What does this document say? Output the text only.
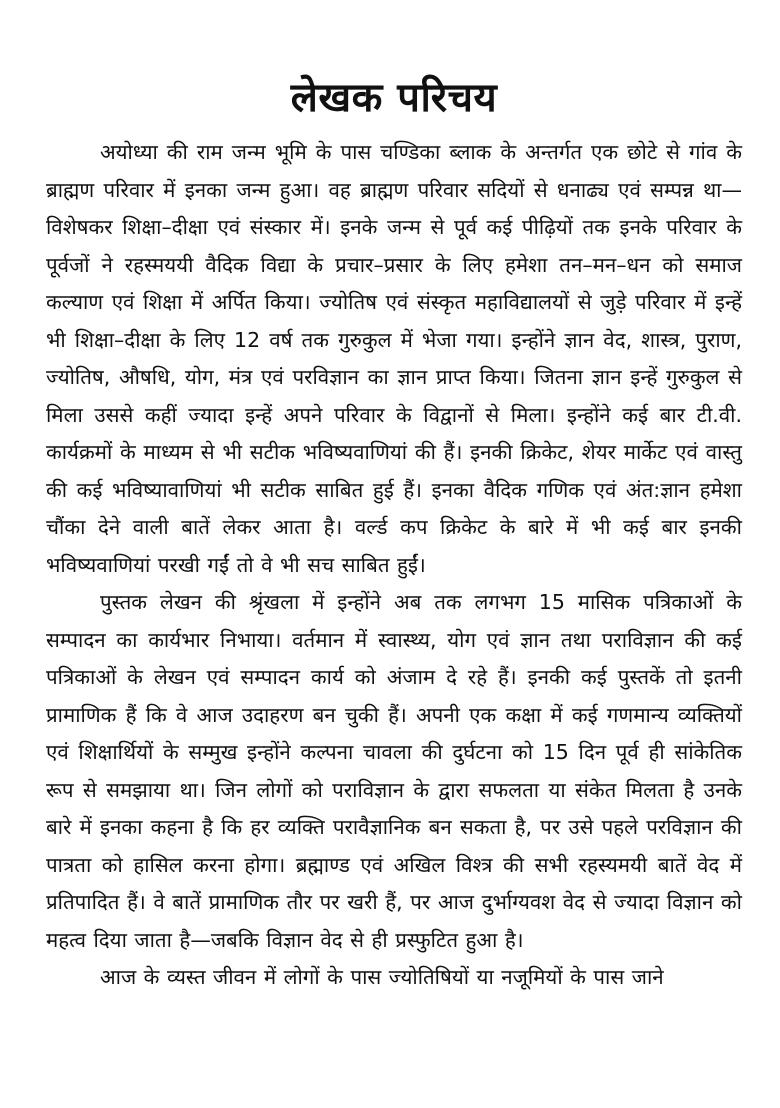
लेखक परिचय

अयोध्या की राम जन्म भूमि के पास चण्डिका ब्लाक के अन्तर्गत एक छोटे से गांव के ब्राह्मण परिवार में इनका जन्म हुआ। वह ब्राह्मण परिवार सदियों से धनाढ्य एवं सम्पन्न था—विशेषकर शिक्षा–दीक्षा एवं संस्कार में। इनके जन्म से पूर्व कई पीढ़ियों तक इनके परिवार के पूर्वजों ने रहस्मययी वैदिक विद्या के प्रचार–प्रसार के लिए हमेशा तन–मन–धन को समाज कल्याण एवं शिक्षा में अर्पित किया। ज्योतिष एवं संस्कृत महाविद्यालयों से जुड़े परिवार में इन्हें भी शिक्षा–दीक्षा के लिए 12 वर्ष तक गुरुकुल में भेजा गया। इन्होंने ज्ञान वेद, शास्त्र, पुराण, ज्योतिष, औषधि, योग, मंत्र एवं परविज्ञान का ज्ञान प्राप्त किया। जितना ज्ञान इन्हें गुरुकुल से मिला उससे कहीं ज्यादा इन्हें अपने परिवार के विद्वानों से मिला। इन्होंने कई बार टी.वी. कार्यक्रमों के माध्यम से भी सटीक भविष्यवाणियां की हैं। इनकी क्रिकेट, शेयर मार्केट एवं वास्तु की कई भविष्यावाणियां भी सटीक साबित हुई हैं। इनका वैदिक गणिक एवं अंत:ज्ञान हमेशा चौंका देने वाली बातें लेकर आता है। वर्ल्ड कप क्रिकेट के बारे में भी कई बार इनकी भविष्यवाणियां परखी गईं तो वे भी सच साबित हुईं।

पुस्तक लेखन की श्रृंखला में इन्होंने अब तक लगभग 15 मासिक पत्रिकाओं के सम्पादन का कार्यभार निभाया। वर्तमान में स्वास्थ्य, योग एवं ज्ञान तथा पराविज्ञान की कई पत्रिकाओं के लेखन एवं सम्पादन कार्य को अंजाम दे रहे हैं। इनकी कई पुस्तकें तो इतनी प्रामाणिक हैं कि वे आज उदाहरण बन चुकी हैं। अपनी एक कक्षा में कई गणमान्य व्यक्तियों एवं शिक्षार्थियों के सम्मुख इन्होंने कल्पना चावला की दुर्घटना को 15 दिन पूर्व ही सांकेतिक रूप से समझाया था। जिन लोगों को पराविज्ञान के द्वारा सफलता या संकेत मिलता है उनके बारे में इनका कहना है कि हर व्यक्ति परावैज्ञानिक बन सकता है, पर उसे पहले परविज्ञान की पात्रता को हासिल करना होगा। ब्रह्माण्ड एवं अखिल विश्त्र की सभी रहस्यमयी बातें वेद में प्रतिपादित हैं। वे बातें प्रामाणिक तौर पर खरी हैं, पर आज दुर्भाग्यवश वेद से ज्यादा विज्ञान को महत्व दिया जाता है—जबकि विज्ञान वेद से ही प्रस्फुटित हुआ है।

आज के व्यस्त जीवन में लोगों के पास ज्योतिषियों या नजूमियों के पास जाने
